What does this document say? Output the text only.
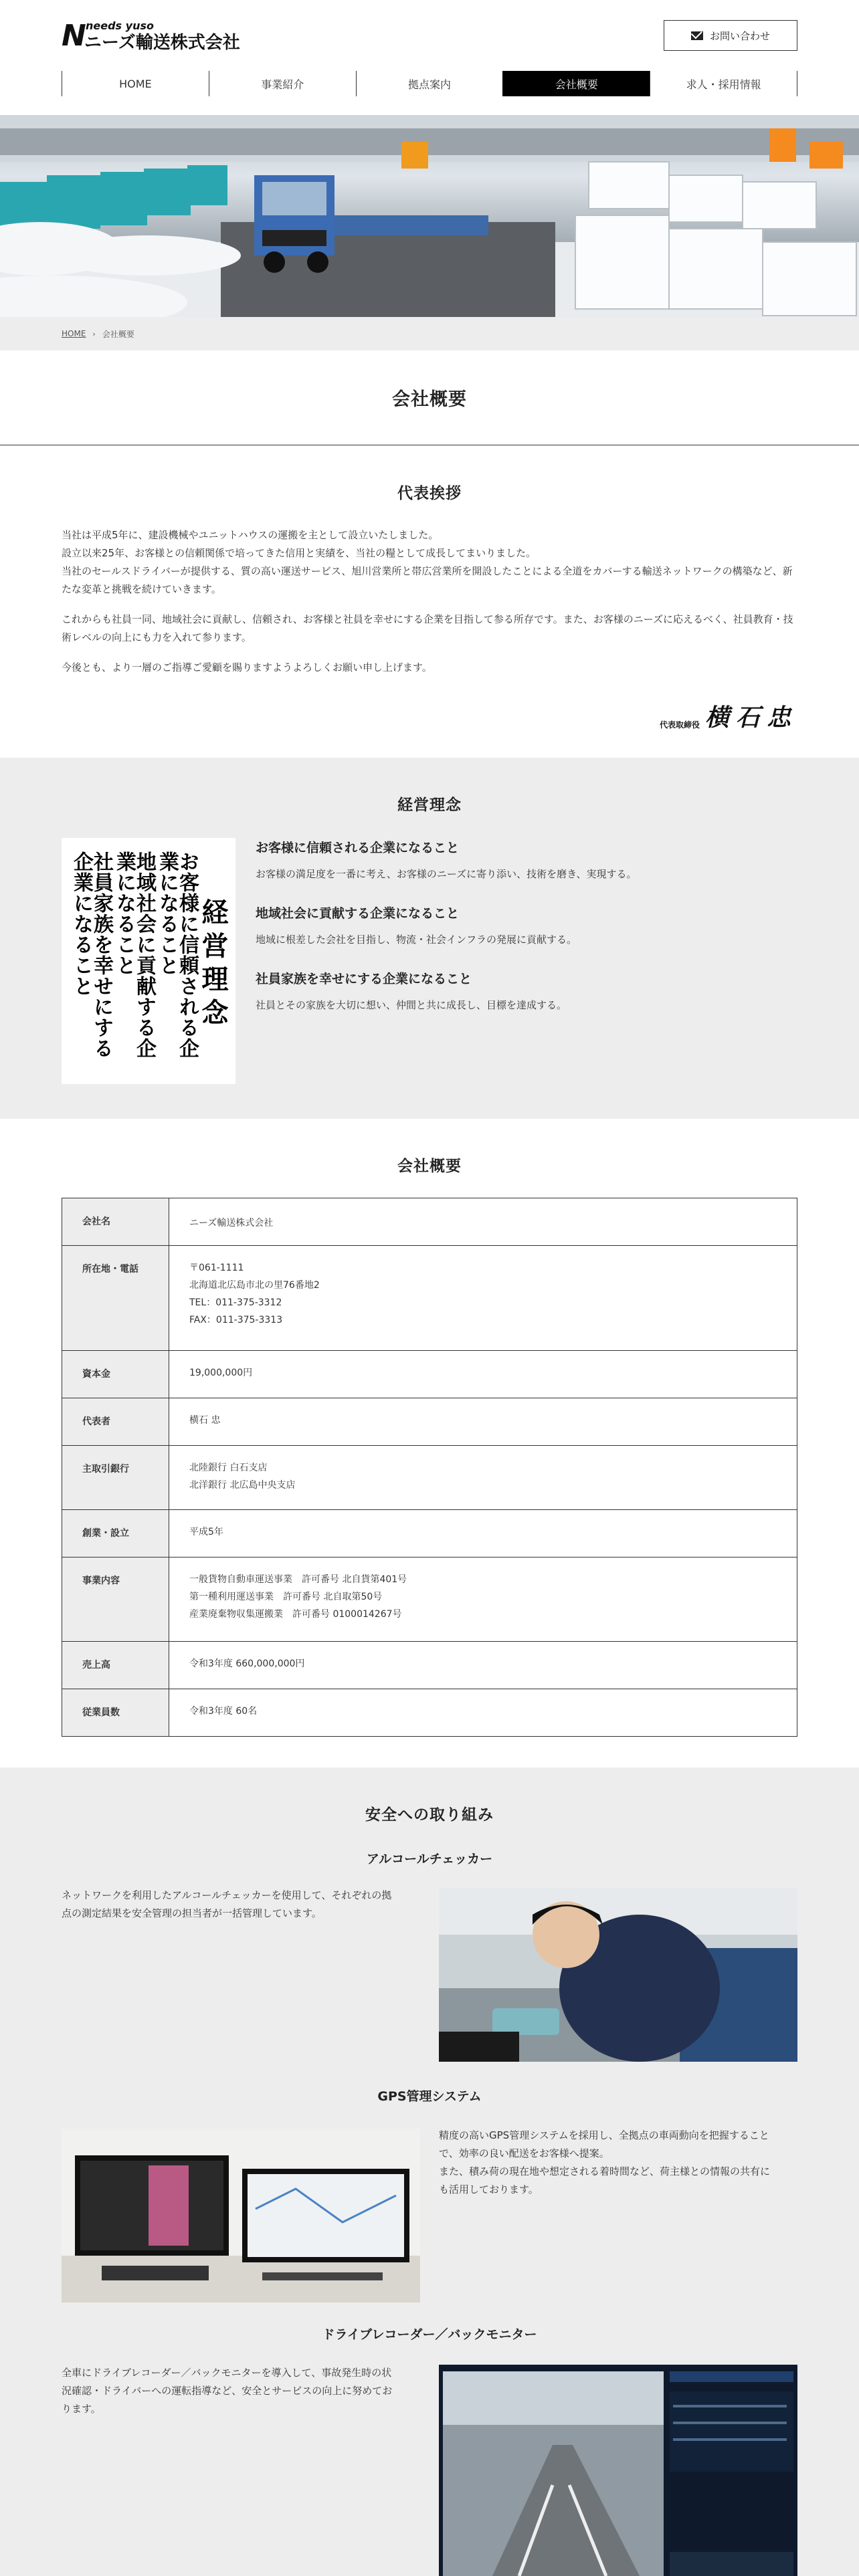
N needs yuso
ニーズ輸送株式会社	お問い合わせ
HOME	事業紹介	拠点案内	会社概要	求人・採用情報
HOME › 会社概要
会社概要
代表挨拶

当社は平成5年に、建設機械やユニットハウスの運搬を主として設立いたしました。
設立以来25年、お客様との信頼関係で培ってきた信用と実績を、当社の糧として成長してまいりました。
当社のセールスドライバーが提供する、質の高い運送サービス、旭川営業所と帯広営業所を開設したことによる全道をカバーする輸送ネットワークの構築など、新たな変革と挑戦を続けていきます。

これからも社員一同、地域社会に貢献し、信頼され、お客様と社員を幸せにする企業を目指して参る所存です。また、お客様のニーズに応えるべく、社員教育・技術レベルの向上にも力を入れて参ります。

今後とも、より一層のご指導ご愛顧を賜りますようよろしくお願い申し上げます。

代表取締役 横石忠
経営理念
経営理念
お客様に信頼される企業になること
地域社会に貢献する企業になること
社員家族を幸せにする企業になること
お客様に信頼される企業になること

お客様の満足度を一番に考え、お客様のニーズに寄り添い、技術を磨き、実現する。

地域社会に貢献する企業になること

地域に根差した会社を目指し、物流・社会インフラの発展に貢献する。

社員家族を幸せにする企業になること

社員とその家族を大切に想い、仲間と共に成長し、目標を達成する。

会社概要
会社名	ニーズ輸送株式会社

所在地・電話	〒061-1111
北海道北広島市北の里76番地2
TEL：011-375-3312
FAX：011-375-3313

資本金	19,000,000円

代表者	横石 忠

主取引銀行	北陸銀行 白石支店
北洋銀行 北広島中央支店

創業・設立	平成5年

事業内容	一般貨物自動車運送事業　許可番号 北自貨第401号
第一種利用運送事業　許可番号 北自取第50号
産業廃棄物収集運搬業　許可番号 0100014267号

売上高	令和3年度 660,000,000円

従業員数	令和3年度 60名
安全への取り組み
アルコールチェッカー
ネットワークを利用したアルコールチェッカーを使用して、それぞれの拠
点の測定結果を安全管理の担当者が一括管理しています。
GPS管理システム
精度の高いGPS管理システムを採用し、全拠点の車両動向を把握すること
で、効率の良い配送をお客様へ提案。
また、積み荷の現在地や想定される着時間など、荷主様との情報の共有に
も活用しております。
ドライブレコーダー／バックモニター
全車にドライブレコーダー／バックモニターを導入して、事故発生時の状
況確認・ドライバーへの運転指導など、安全とサービスの向上に努めてお
ります。
